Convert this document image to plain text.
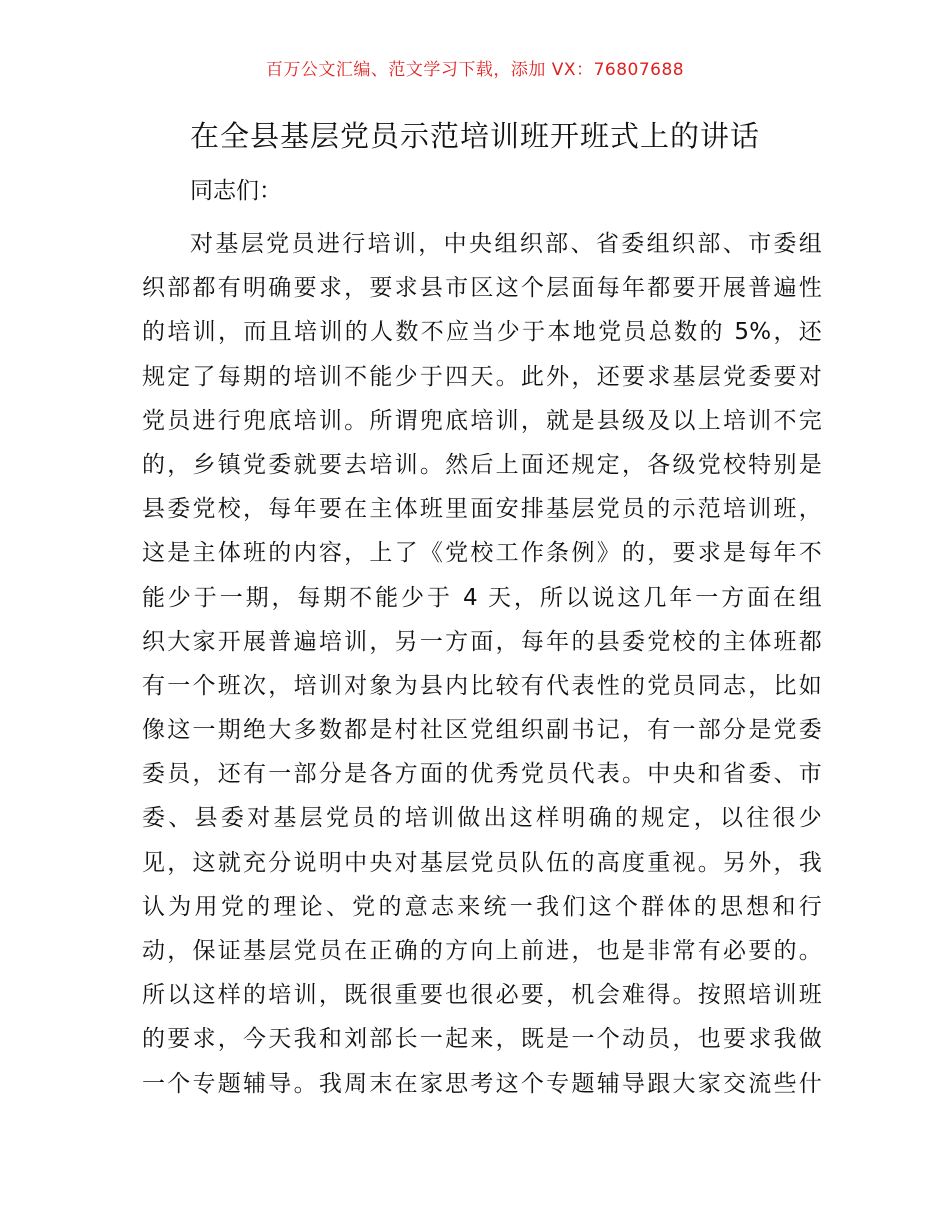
百万公文汇编、范文学习下载，添加 VX：76807688
在全县基层党员示范培训班开班式上的讲话
同志们：
对基层党员进行培训，中央组织部、省委组织部、市委组
织部都有明确要求，要求县市区这个层面每年都要开展普遍性
的培训，而且培训的人数不应当少于本地党员总数的 5%，还
规定了每期的培训不能少于四天。此外，还要求基层党委要对
党员进行兜底培训。所谓兜底培训，就是县级及以上培训不完
的，乡镇党委就要去培训。然后上面还规定，各级党校特别是
县委党校，每年要在主体班里面安排基层党员的示范培训班，
这是主体班的内容，上了《党校工作条例》的，要求是每年不
能少于一期，每期不能少于 4 天，所以说这几年一方面在组
织大家开展普遍培训，另一方面，每年的县委党校的主体班都
有一个班次，培训对象为县内比较有代表性的党员同志，比如
像这一期绝大多数都是村社区党组织副书记，有一部分是党委
委员，还有一部分是各方面的优秀党员代表。中央和省委、市
委、县委对基层党员的培训做出这样明确的规定，以往很少
见，这就充分说明中央对基层党员队伍的高度重视。另外，我
认为用党的理论、党的意志来统一我们这个群体的思想和行
动，保证基层党员在正确的方向上前进，也是非常有必要的。
所以这样的培训，既很重要也很必要，机会难得。按照培训班
的要求，今天我和刘部长一起来，既是一个动员，也要求我做
一个专题辅导。我周末在家思考这个专题辅导跟大家交流些什
